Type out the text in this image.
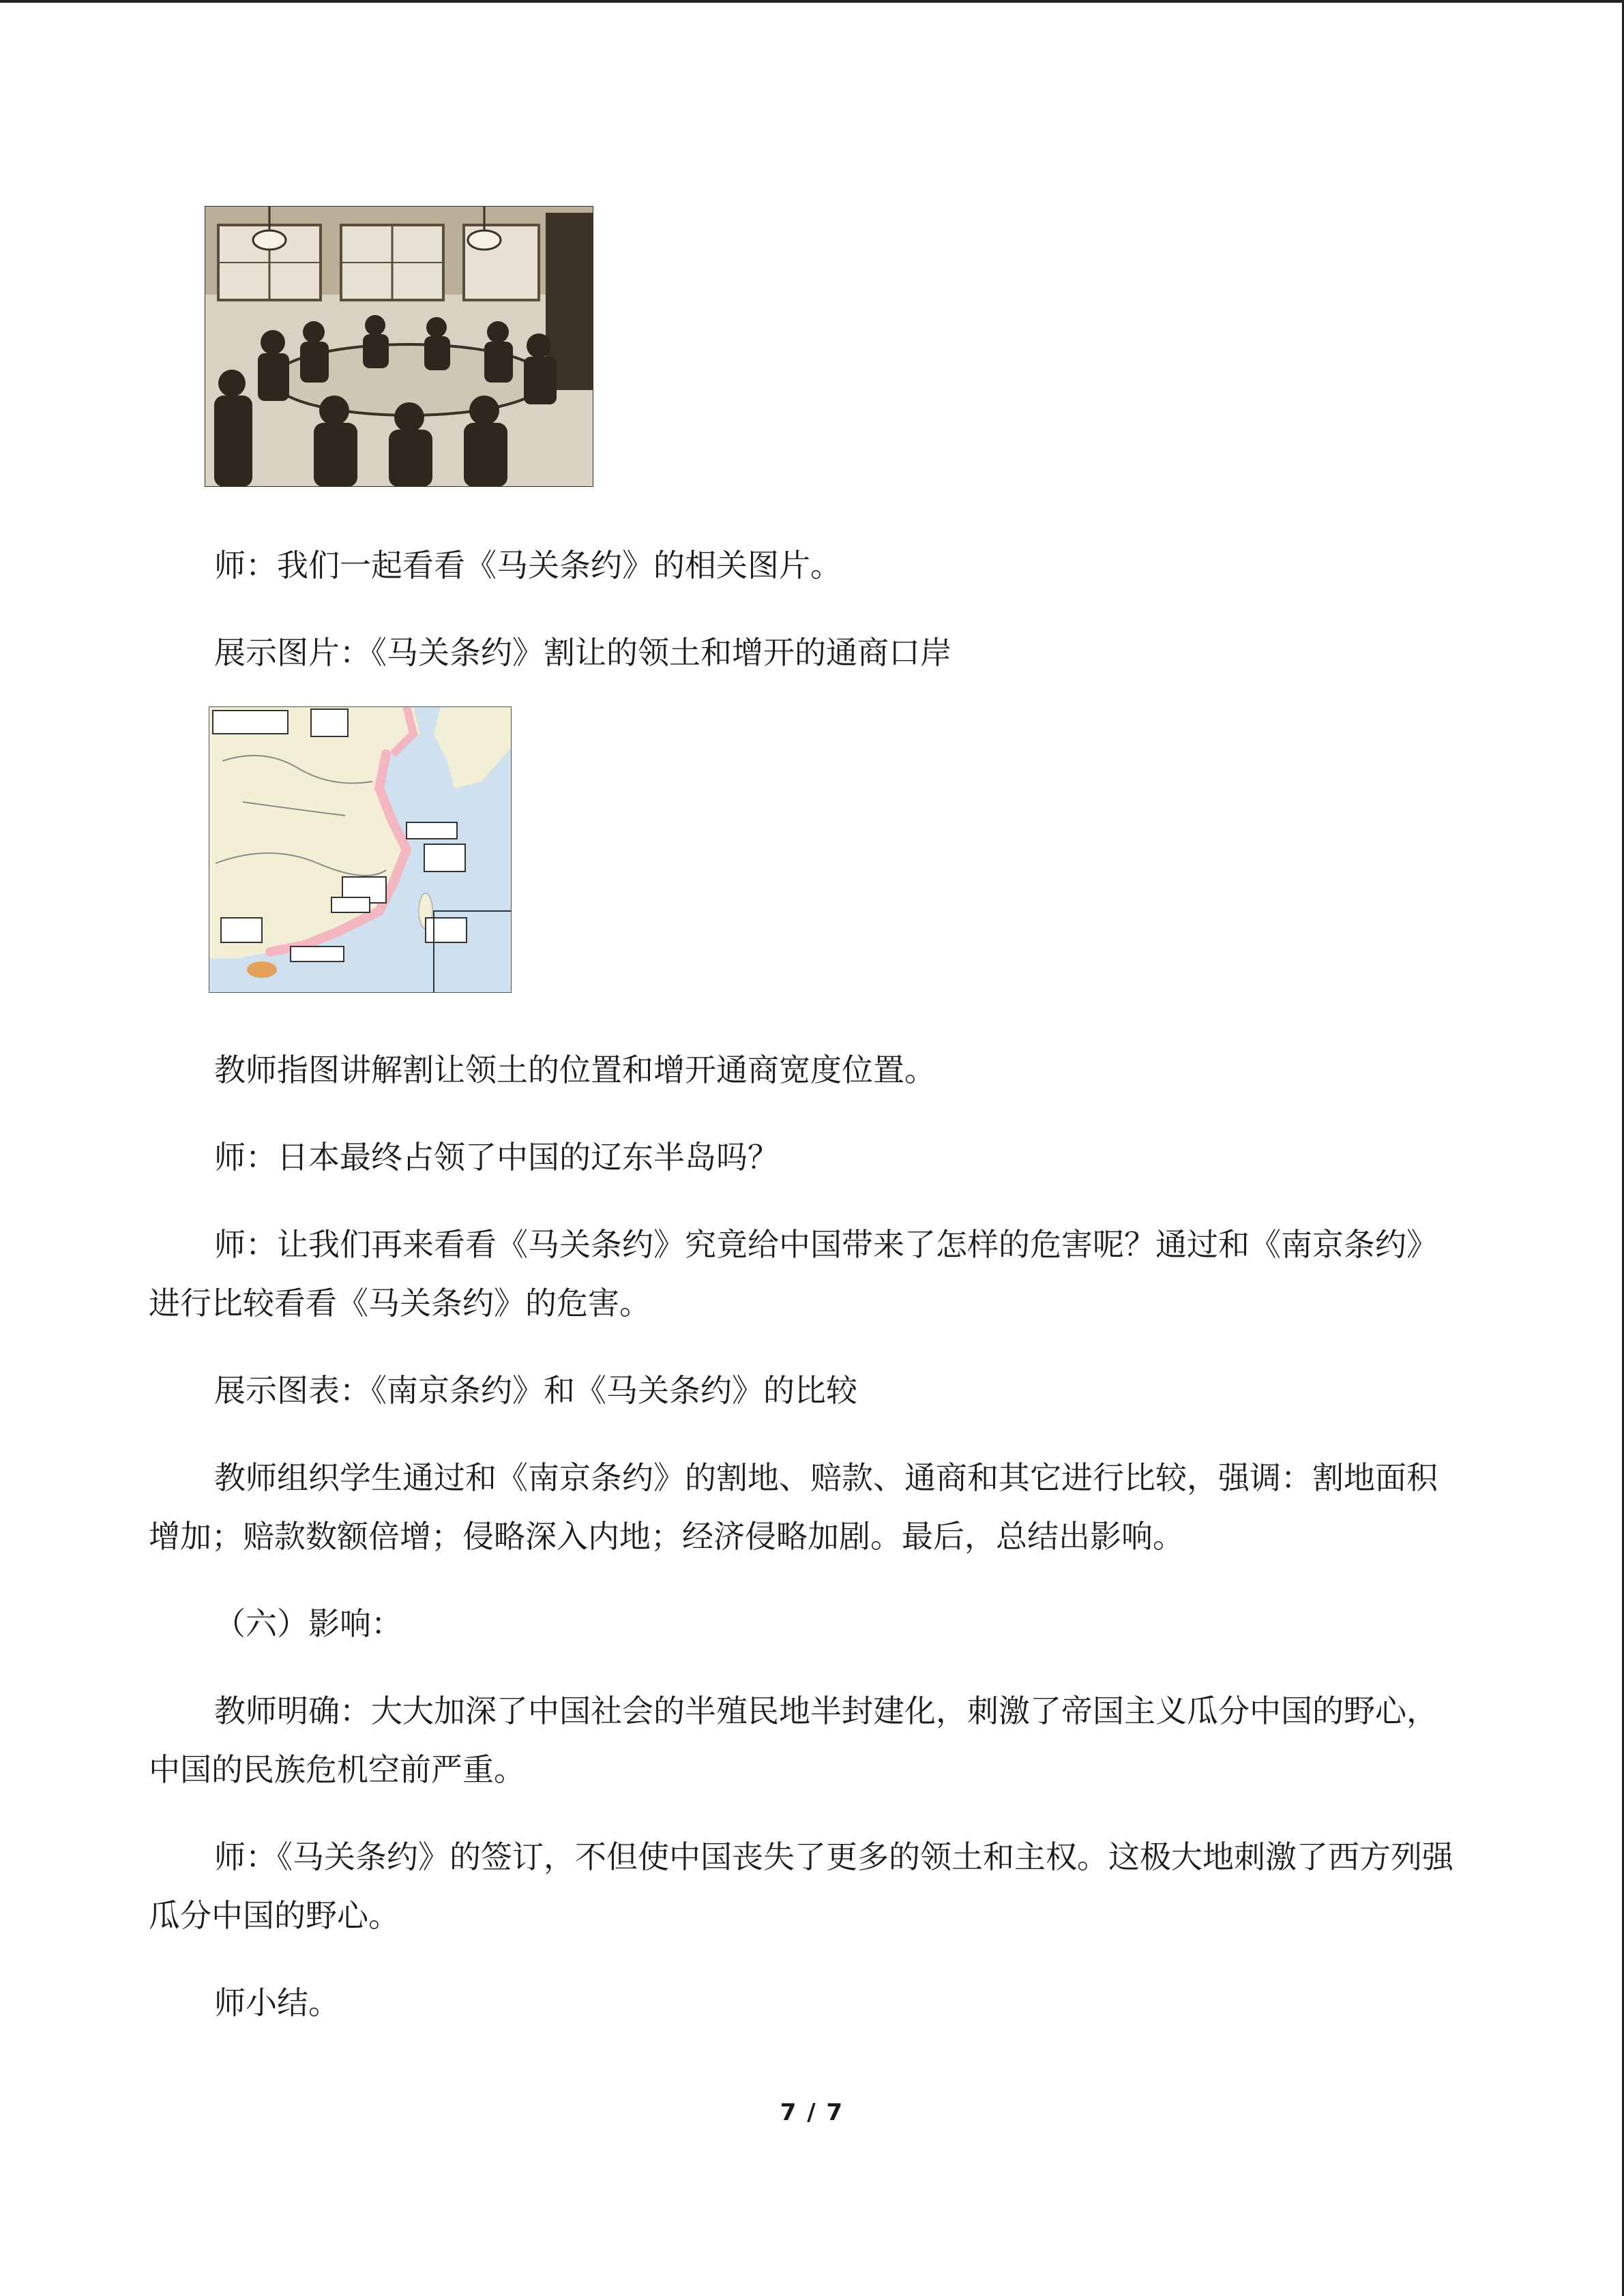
师：我们一起看看《马关条约》的相关图片。

展示图片：《马关条约》割让的领土和增开的通商口岸

教师指图讲解割让领土的位置和增开通商宽度位置。

师：日本最终占领了中国的辽东半岛吗？

师：让我们再来看看《马关条约》究竟给中国带来了怎样的危害呢？通过和《南京条约》进行比较看看《马关条约》的危害。

展示图表：《南京条约》和《马关条约》的比较

教师组织学生通过和《南京条约》的割地、赔款、通商和其它进行比较，强调：割地面积增加；赔款数额倍增；侵略深入内地；经济侵略加剧。最后，总结出影响。

（六）影响：

教师明确：大大加深了中国社会的半殖民地半封建化，刺激了帝国主义瓜分中国的野心，中国的民族危机空前严重。

师：《马关条约》的签订，不但使中国丧失了更多的领土和主权。这极大地刺激了西方列强瓜分中国的野心。

师小结。

7 / 7
